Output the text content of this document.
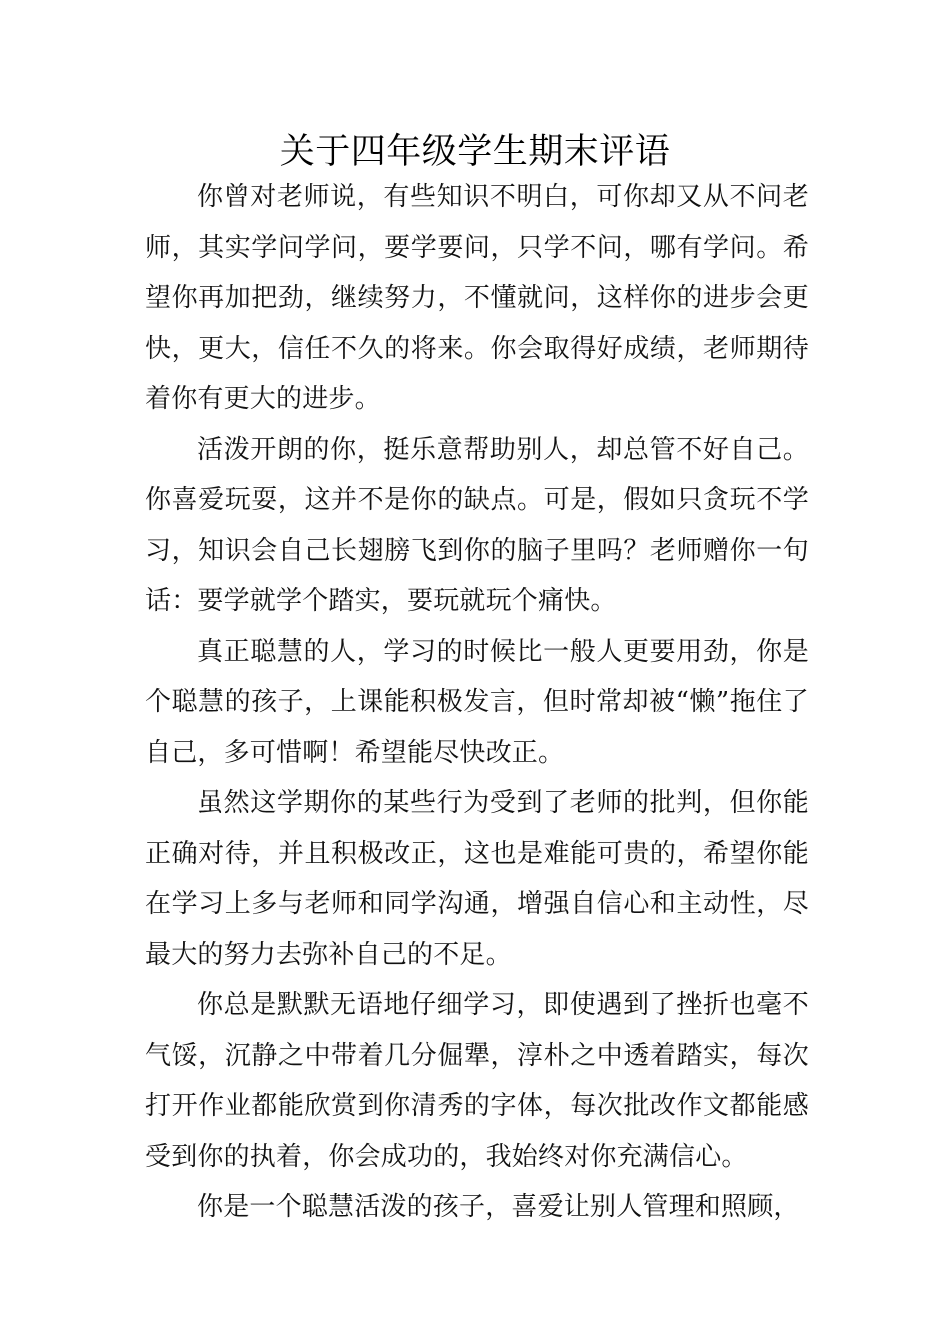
关于四年级学生期末评语

你曾对老师说，有些知识不明白，可你却又从不问老师，其实学问学问，要学要问，只学不问，哪有学问。希望你再加把劲，继续努力，不懂就问，这样你的进步会更快，更大，信任不久的将来。你会取得好成绩，老师期待着你有更大的进步。

活泼开朗的你，挺乐意帮助别人，却总管不好自己。你喜爱玩耍，这并不是你的缺点。可是，假如只贪玩不学习，知识会自己长翅膀飞到你的脑子里吗？老师赠你一句话：要学就学个踏实，要玩就玩个痛快。

真正聪慧的人，学习的时候比一般人更要用劲，你是个聪慧的孩子，上课能积极发言，但时常却被“懒”拖住了自己，多可惜啊！希望能尽快改正。

虽然这学期你的某些行为受到了老师的批判，但你能正确对待，并且积极改正，这也是难能可贵的，希望你能在学习上多与老师和同学沟通，增强自信心和主动性，尽最大的努力去弥补自己的不足。

你总是默默无语地仔细学习，即使遇到了挫折也毫不气馁，沉静之中带着几分倔犟，淳朴之中透着踏实，每次打开作业都能欣赏到你清秀的字体，每次批改作文都能感受到你的执着，你会成功的，我始终对你充满信心。

你是一个聪慧活泼的孩子，喜爱让别人管理和照顾，
